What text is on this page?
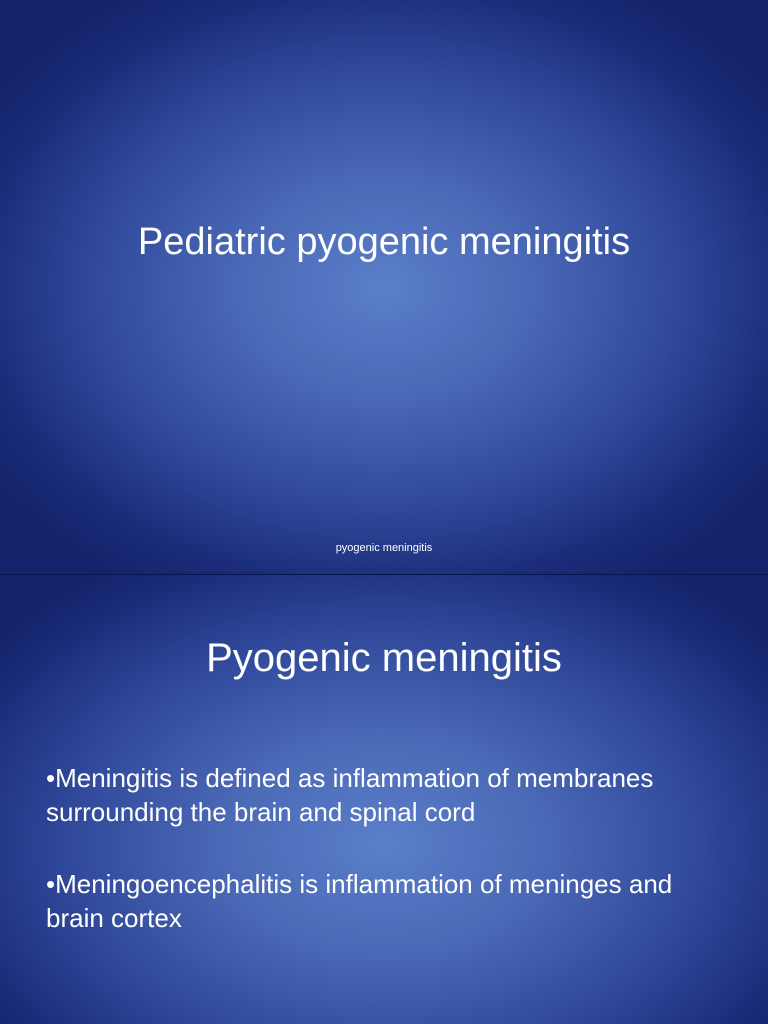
Pediatric pyogenic meningitis
pyogenic meningitis
Pyogenic meningitis
•Meningitis is defined as inflammation of membranes surrounding the brain and spinal cord
•Meningoencephalitis is inflammation of meninges and brain cortex
